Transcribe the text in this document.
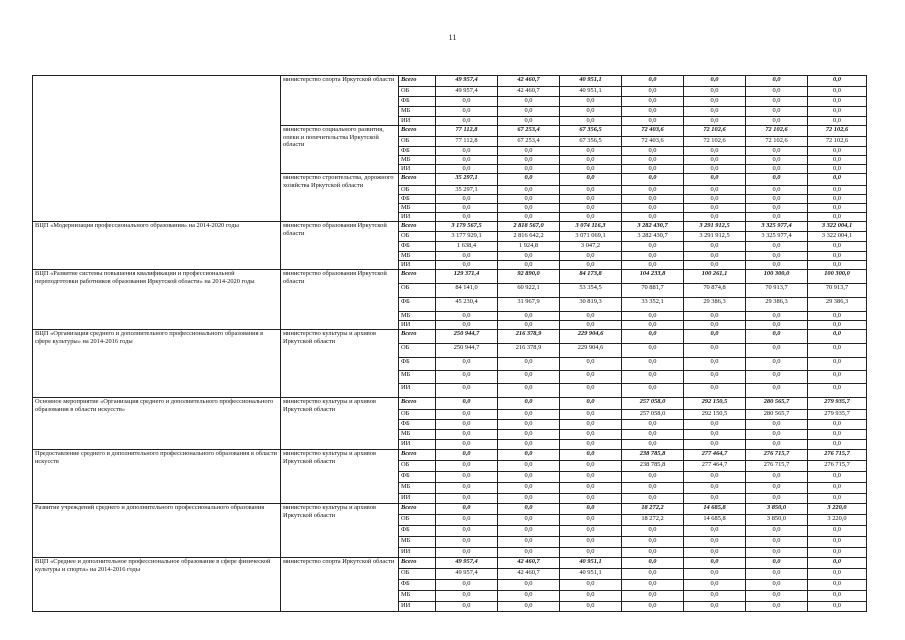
11
	министерство спорта Иркутской области	Всего	49 957,4	42 460,7	40 951,1	0,0	0,0	0,0	0,0
		ОБ	49 957,4	42 460,7	40 951,1	0,0	0,0	0,0	0,0
		ФБ	0,0	0,0	0,0	0,0	0,0	0,0	0,0
		МБ	0,0	0,0	0,0	0,0	0,0	0,0	0,0
		ИИ	0,0	0,0	0,0	0,0	0,0	0,0	0,0
	министерство социального развития, опеки и попечительства Иркутской области	Всего	77 112,8	67 253,4	67 356,5	72 403,6	72 102,6	72 102,6	72 102,6
		ОБ	77 112,8	67 253,4	67 356,5	72 403,6	72 102,6	72 102,6	72 102,6
		ФБ	0,0	0,0	0,0	0,0	0,0	0,0	0,0
		МБ	0,0	0,0	0,0	0,0	0,0	0,0	0,0
		ИИ	0,0	0,0	0,0	0,0	0,0	0,0	0,0
	министерство строительства, дорожного хозяйства Иркутской области	Всего	35 297,1	0,0	0,0	0,0	0,0	0,0	0,0
		ОБ	35 297,1	0,0	0,0	0,0	0,0	0,0	0,0
		ФБ	0,0	0,0	0,0	0,0	0,0	0,0	0,0
		МБ	0,0	0,0	0,0	0,0	0,0	0,0	0,0
		ИИ	0,0	0,0	0,0	0,0	0,0	0,0	0,0
ВЦП «Модернизация профессионального образования» на 2014-2020 годы	министерство образования Иркутской области	Всего	3 179 567,5	2 818 567,0	3 074 116,3	3 282 430,7	3 291 912,5	3 325 977,4	3 322 004,1
		ОБ	3 177 929,1	2 816 642,2	3 071 069,1	3 282 430,7	3 291 912,5	3 325 977,4	3 322 004,1
		ФБ	1 638,4	1 924,8	3 047,2	0,0	0,0	0,0	0,0
		МБ	0,0	0,0	0,0	0,0	0,0	0,0	0,0
		ИИ	0,0	0,0	0,0	0,0	0,0	0,0	0,0
ВЦП «Развитие системы повышения квалификации и профессиональной переподготовки работников образования Иркутской области» на 2014-2020 годы	министерство образования Иркутской области	Всего	129 371,4	92 890,0	84 173,8	104 233,8	100 261,1	100 300,0	100 300,0
		ОБ	84 141,0	60 922,1	53 354,5	70 881,7	70 874,8	70 913,7	70 913,7
		ФБ	45 230,4	31 967,9	30 819,3	33 352,1	29 386,3	29 386,3	29 386,3
		МБ	0,0	0,0	0,0	0,0	0,0	0,0	0,0
		ИИ	0,0	0,0	0,0	0,0	0,0	0,0	0,0
ВЦП «Организация среднего и дополнительного профессионального образования в сфере культуры» на 2014-2016 годы	министерство культуры и архивов Иркутской области	Всего	250 944,7	216 378,9	229 904,6	0,0	0,0	0,0	0,0
		ОБ	250 944,7	216 378,9	229 904,6	0,0	0,0	0,0	0,0
		ФБ	0,0	0,0	0,0	0,0	0,0	0,0	0,0
		МБ	0,0	0,0	0,0	0,0	0,0	0,0	0,0
		ИИ	0,0	0,0	0,0	0,0	0,0	0,0	0,0
Основное мероприятие «Организация среднего и дополнительного профессионального образования в области искусств»	министерство культуры и архивов Иркутской области	Всего	0,0	0,0	0,0	257 058,0	292 150,5	280 565,7	279 935,7
		ОБ	0,0	0,0	0,0	257 058,0	292 150,5	280 565,7	279 935,7
		ФБ	0,0	0,0	0,0	0,0	0,0	0,0	0,0
		МБ	0,0	0,0	0,0	0,0	0,0	0,0	0,0
		ИИ	0,0	0,0	0,0	0,0	0,0	0,0	0,0
Предоставление среднего и дополнительного профессионального образования в области искусств	министерство культуры и архивов Иркутской области	Всего	0,0	0,0	0,0	238 785,8	277 464,7	276 715,7	276 715,7
		ОБ	0,0	0,0	0,0	238 785,8	277 464,7	276 715,7	276 715,7
		ФБ	0,0	0,0	0,0	0,0	0,0	0,0	0,0
		МБ	0,0	0,0	0,0	0,0	0,0	0,0	0,0
		ИИ	0,0	0,0	0,0	0,0	0,0	0,0	0,0
Развитие учреждений среднего и дополнительного профессионального образования	министерство культуры и архивов Иркутской области	Всего	0,0	0,0	0,0	18 272,2	14 685,8	3 850,0	3 220,0
		ОБ	0,0	0,0	0,0	18 272,2	14 685,8	3 850,0	3 220,0
		ФБ	0,0	0,0	0,0	0,0	0,0	0,0	0,0
		МБ	0,0	0,0	0,0	0,0	0,0	0,0	0,0
		ИИ	0,0	0,0	0,0	0,0	0,0	0,0	0,0
ВЦП «Среднее и дополнительное профессиональное образование в сфере физической культуры и спорта» на 2014-2016 годы	министерство спорта Иркутской области	Всего	49 957,4	42 460,7	40 951,1	0,0	0,0	0,0	0,0
		ОБ	49 957,4	42 460,7	40 951,1	0,0	0,0	0,0	0,0
		ФБ	0,0	0,0	0,0	0,0	0,0	0,0	0,0
		МБ	0,0	0,0	0,0	0,0	0,0	0,0	0,0
		ИИ	0,0	0,0	0,0	0,0	0,0	0,0	0,0
